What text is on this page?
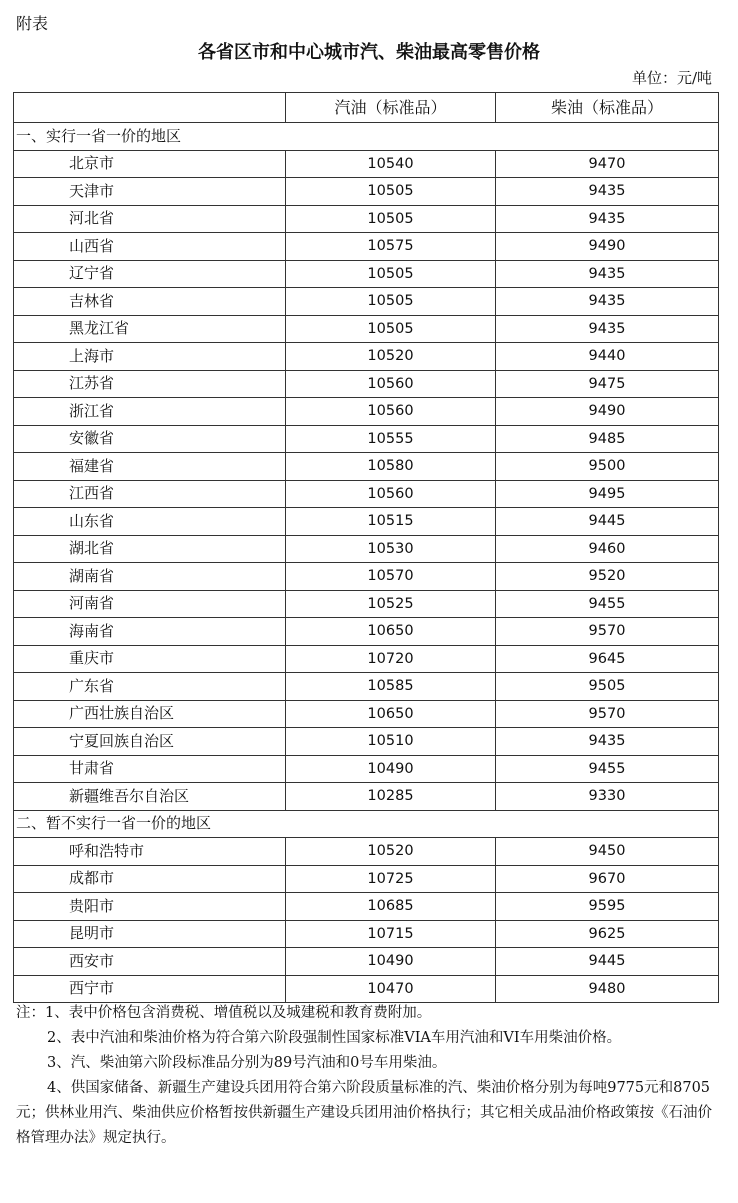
附表
各省区市和中心城市汽、柴油最高零售价格
单位：元/吨
	汽油（标准品）	柴油（标准品）
一、实行一省一价的地区		
北京市	10540	9470
天津市	10505	9435
河北省	10505	9435
山西省	10575	9490
辽宁省	10505	9435
吉林省	10505	9435
黑龙江省	10505	9435
上海市	10520	9440
江苏省	10560	9475
浙江省	10560	9490
安徽省	10555	9485
福建省	10580	9500
江西省	10560	9495
山东省	10515	9445
湖北省	10530	9460
湖南省	10570	9520
河南省	10525	9455
海南省	10650	9570
重庆市	10720	9645
广东省	10585	9505
广西壮族自治区	10650	9570
宁夏回族自治区	10510	9435
甘肃省	10490	9455
新疆维吾尔自治区	10285	9330
二、暂不实行一省一价的地区		
呼和浩特市	10520	9450
成都市	10725	9670
贵阳市	10685	9595
昆明市	10715	9625
西安市	10490	9445
西宁市	10470	9480

注：1、表中价格包含消费税、增值税以及城建税和教育费附加。

2、表中汽油和柴油价格为符合第六阶段强制性国家标准VIA车用汽油和VI车用柴油价格。

3、汽、柴油第六阶段标准品分别为89号汽油和0号车用柴油。

4、供国家储备、新疆生产建设兵团用符合第六阶段质量标准的汽、柴油价格分别为每吨9775元和8705元；供林业用汽、柴油供应价格暂按供新疆生产建设兵团用油价格执行；其它相关成品油价格政策按《石油价格管理办法》规定执行。
